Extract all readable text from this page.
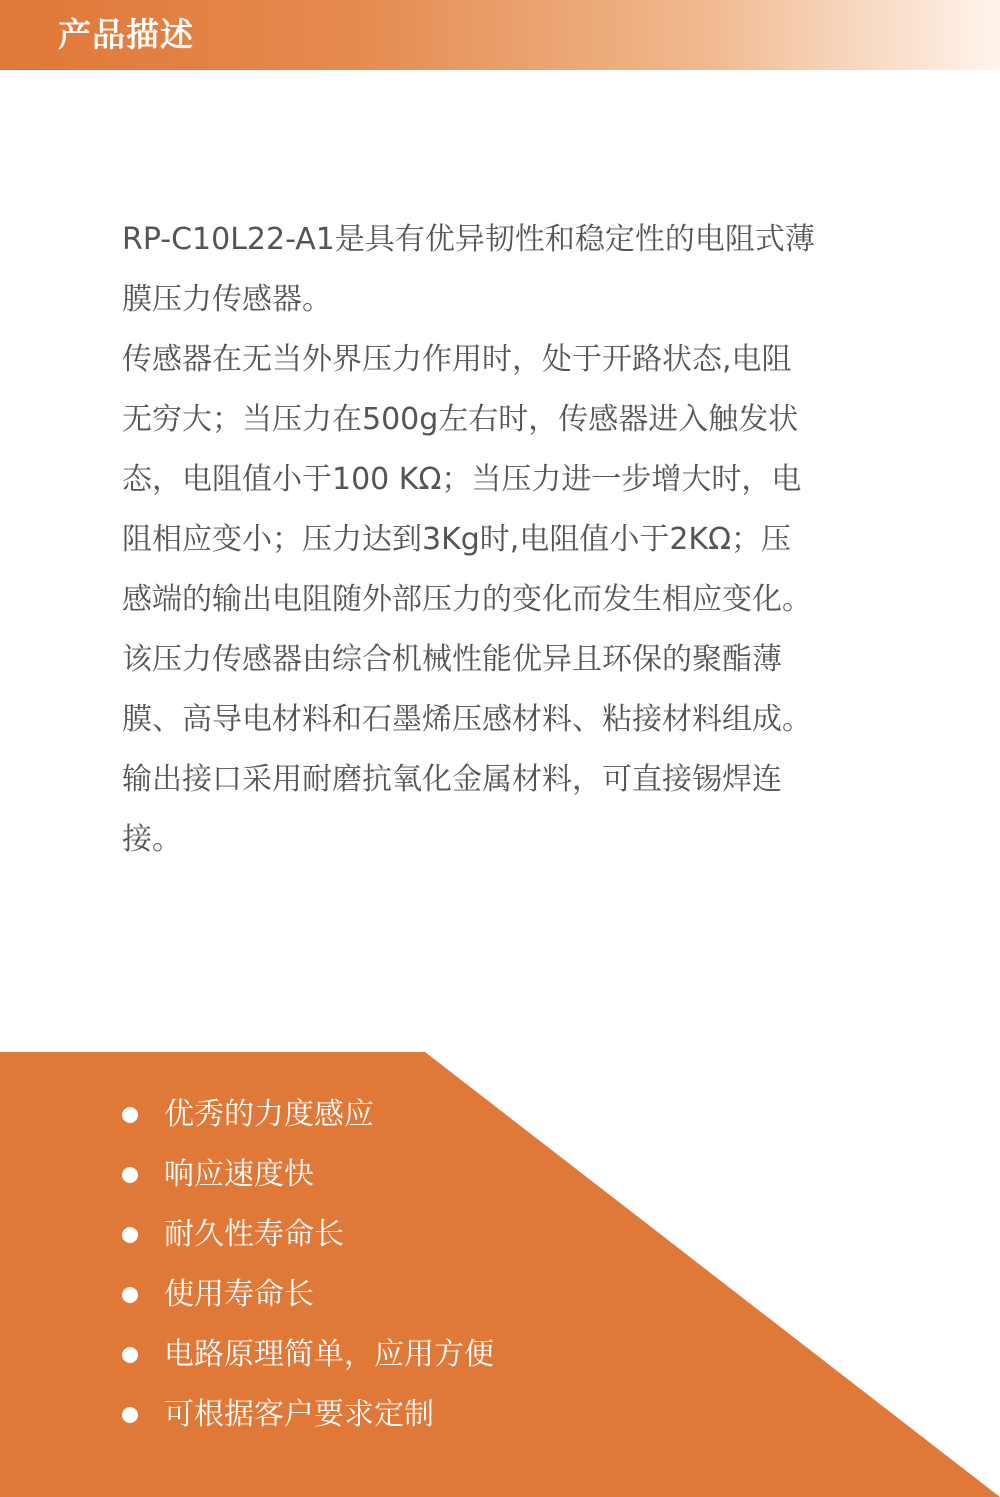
产品描述
RP-C10L22-A1是具有优异韧性和稳定性的电阻式薄
膜压力传感器。
传感器在无当外界压力作用时，处于开路状态,电阻
无穷大；当压力在500g左右时，传感器进入触发状
态，电阻值小于100 KΩ；当压力进一步增大时，电
阻相应变小；压力达到3Kg时,电阻值小于2KΩ；压
感端的输出电阻随外部压力的变化而发生相应变化。
该压力传感器由综合机械性能优异且环保的聚酯薄
膜、高导电材料和石墨烯压感材料、粘接材料组成。
输出接口采用耐磨抗氧化金属材料，可直接锡焊连
接。
优秀的力度感应
响应速度快
耐久性寿命长
使用寿命长
电路原理简单，应用方便
可根据客户要求定制
